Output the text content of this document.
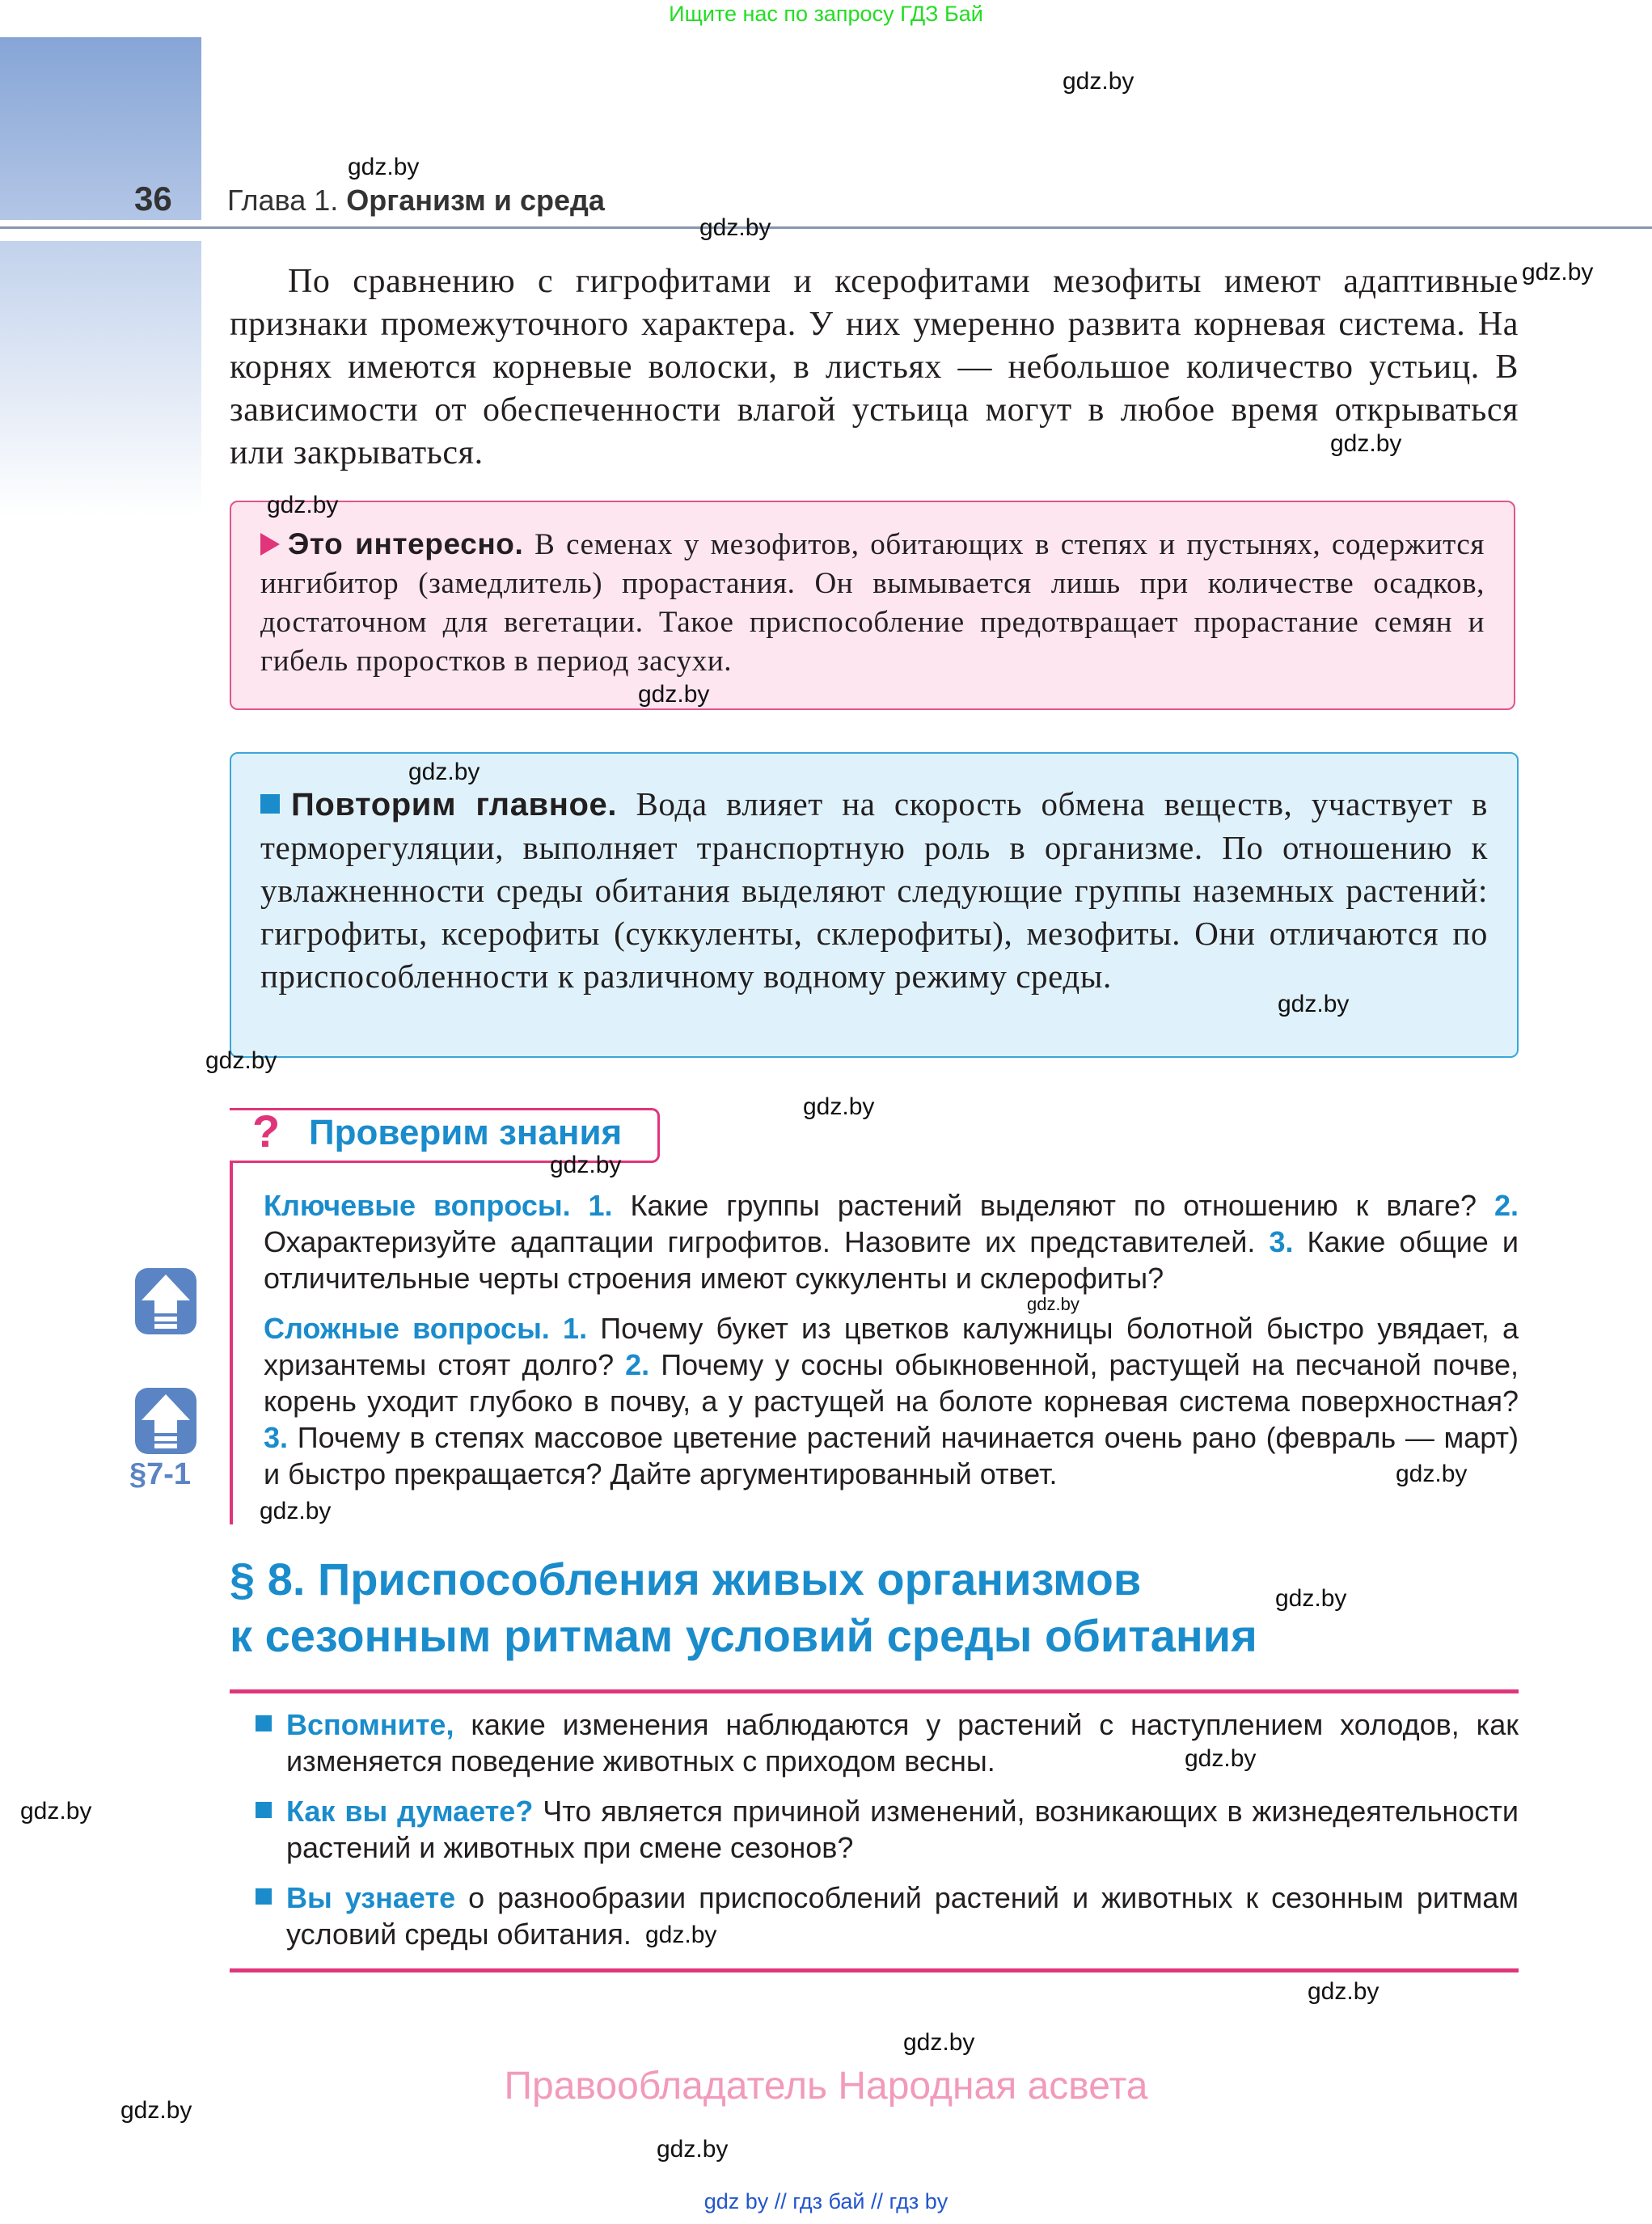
Ищите нас по запросу ГДЗ Бай
36 Глава 1. Организм и среда
По сравнению с гигрофитами и ксерофитами мезофиты имеют адаптивные признаки промежуточного характера. У них умеренно развита корневая система. На корнях имеются корневые волоски, в листьях — небольшое количество устьиц. В зависимости от обеспеченности влагой устьица могут в любое время открываться или закрываться.
Это интересно. В семенах у мезофитов, обитающих в степях и пустынях, содержится ингибитор (замедлитель) прорастания. Он вымывается лишь при количестве осадков, достаточном для вегетации. Такое приспособление предотвращает прорастание семян и гибель проростков в период засухи.
Повторим главное. Вода влияет на скорость обмена веществ, участвует в терморегуляции, выполняет транспортную роль в организме. По отношению к увлажненности среды обитания выделяют следующие группы наземных растений: гигрофиты, ксерофиты (суккуленты, склерофиты), мезофиты. Они отличаются по приспособленности к различному водному режиму среды.
? Проверим знания
Ключевые вопросы. 1. Какие группы растений выделяют по отношению к влаге? 2. Охарактеризуйте адаптации гигрофитов. Назовите их представителей. 3. Какие общие и отличительные черты строения имеют суккуленты и склерофиты?
Сложные вопросы. 1. Почему букет из цветков калужницы болотной быстро увядает, а хризантемы стоят долго? 2. Почему у сосны обыкновенной, растущей на песчаной почве, корень уходит глубоко в почву, а у растущей на болоте корневая система поверхностная? 3. Почему в степях массовое цветение растений начинается очень рано (февраль — март) и быстро прекращается? Дайте аргументированный ответ.
§7-1
§ 8. Приспособления живых организмов
к сезонным ритмам условий среды обитания
Вспомните, какие изменения наблюдаются у растений с наступлением холодов, как изменяется поведение животных с приходом весны.
Как вы думаете? Что является причиной изменений, возникающих в жизнедеятельности растений и животных при смене сезонов?
Вы узнаете о разнообразии приспособлений растений и животных к сезонным ритмам условий среды обитания.
Правообладатель Народная асвета
gdz by // гдз бай // гдз by
gdz.by
gdz.by
gdz.by
gdz.by
gdz.by
gdz.by
gdz.by
gdz.by
gdz.by
gdz.by
gdz.by
gdz.by
gdz.by
gdz.by
gdz.by
gdz.by
gdz.by
gdz.by
gdz.by
gdz.by
gdz.by
gdz.by
gdz.by
